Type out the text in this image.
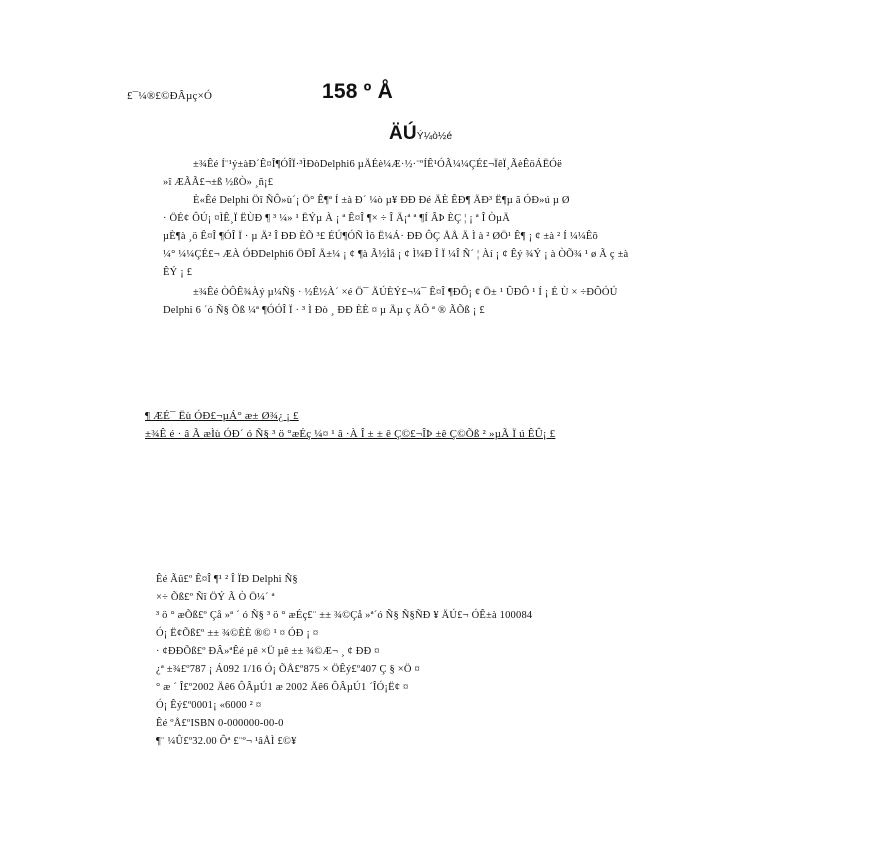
£¯¼®£©ÐÂµç×Ó	158 º Å
ÄÚÝ¼ò½é
±¾Êé Í¨¹ý±àÐ´Ê¤Î¶ÓÎÏ·³ÌÐòDelphi6 µÄÉè¼Æ·½·¨ºÍÊ¹ÓÃ¼¼ÇÉ£¬ÏêÏ¸ÃèÊöÁËÓë
»î ÆÃÃ£¬±ß ½ßÒ» ¸ñ¡£
È«Êé Delphi Öî ÑÔ»ù´¡ Ö° Ê¶ª Í ±à Ð´ ¼ò µ¥ ÐÐ Ðé ÄÈ ÊÐ¶ ÄÐ³ Ë¶µ ã ÓÐ»ú µ Ø
· ÖÉ¢ ÔÚ¡ ¤ÌÊ¸Ï ËÙÐ ¶ ³ ¼» ¹ ËÝµ À ¡ ª Ê¤Î ¶× ÷ Î Ä¡ª ª ¶Í ÂÞ ÈÇ ¦ ¡ ª Î ÒµÄ
µÈ¶à ¸ö Ê¤Î ¶ÓÎ Ï · µ Ä² Î ÐÐ ÈÕ ³£ ÉÚ¶ÓÑ Ìõ Ë¼Á· ÐÐ ÔÇ ÅÅ Ä Ì à ² ØÖ¹ Ê¶ ¡ ¢ ±à ² Í ¼¼Êõ
¼° ¼¼ÇÉ£¬ ÆÀ ÓÐDelphi6 ÖÐÎ Ä±¼ ¡ ¢ ¶à Ã½Ìå ¡ ¢ Ì¼Ð Î Ï ¼Î Ñ´ ¦ Àí ¡ ¢ Êý ¾Ý ¡ à ÒÕ¾ ¹ ø Ã ç ±à
ÊÝ ¡ £
±¾Êé ÒÔÊ¾Àý µ¼Ñ§ · ½Ê½À´ ×é Ö¯ ÄÚÈÝ£¬¼¯ Ê¤Î ¶ÐÔ¡ ¢ Ö± ¹ ÛÐÔ ¹ Í ¡ É Ù × ÷ÐÔÓÚ
Delphi 6 ´ó Ñ§ Õß ¼ª ¶ÓÓÎ Ï · ³ Ì Ðò ¸ ÐÐ ÈÈ ¤ µ Äµ ç ÄÔ ª ® ÃÕß ¡ £
¶ ÆÉ¯ Ëù ÓÐ£¬µÁ° æ± Ø¾¿ ¡ £
±¾Ê é · â Ã æÌù ÓÐ´ ó Ñ§ ³ ö °æÉç ¼¤ ¹ â ·À Î ± ± ê Ç©£¬ÎÞ ±ê Ç©Õß ² »µÃ Ï ú ÊÛ¡ £
Êé Ãû£º Ê¤Î ¶¹ ² Î ÏÐ Delphi Ñ§
×÷ Õß£º Ñî ÖÝ Ã Ò Ö¼´ ª
³ ö ° æÕß£º Çå »ª ´ ó Ñ§ ³ ö ° æÉç£¨ ±± ¾©Çå »ª´ó Ñ§ Ñ§ÑÐ ¥ ÄÚ£¬ ÓÊ±à 100084
Ó¡ Ë¢Õß£º ±± ¾©ÈÈ ®© ¹ ¤ ÓÐ ¡ ¤
· ¢ÐÐÕß£º ÐÂ»ªÊé µê ×Ü µê ±± ¾©Æ¬ ¸ ¢ ÐÐ ¤
¿ª ±¾£º787 ¡ Á092 1/16 Ó¡ ÕÅ£º875 × ÖÊý£º407 Ç § ×Ö ¤
° æ ´ Î£º2002 Äê6 ÔÂµÚ1 æ 2002 Äê6 ÔÂµÚ1 ´ÎÓ¡Ë¢ ¤
Ó¡ Êý£º0001¡ «6000 ² ¤
Êé ºÅ£ºISBN 0-000000-00-0
¶¨ ¼Û£º32.00 Ôª £¨º¬ ¹âÅÌ £©¥
